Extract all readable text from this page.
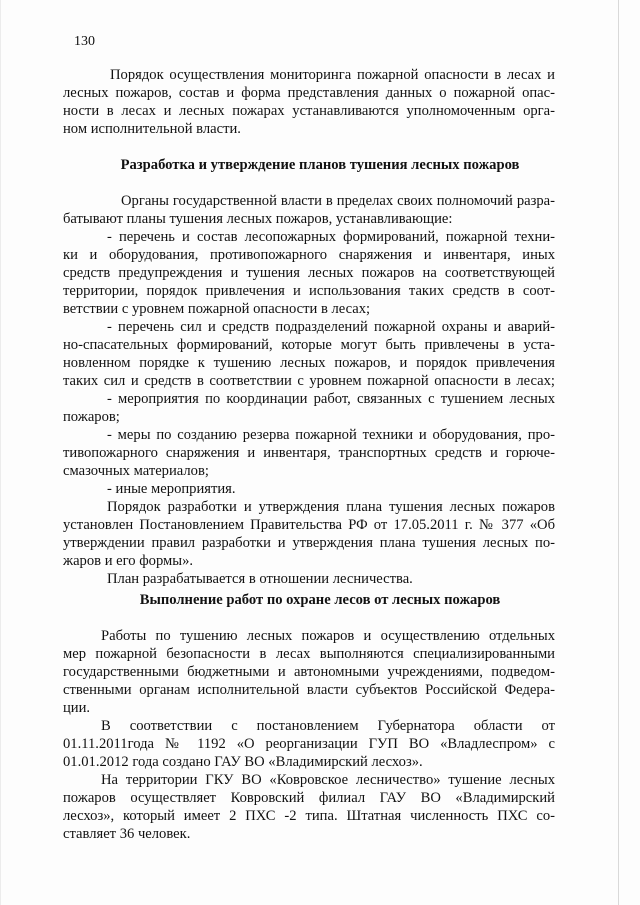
130
Порядок осуществления мониторинга пожарной опасности в лесах и
лесных пожаров, состав и форма представления данных о пожарной опас-
ности в лесах и лесных пожарах устанавливаются уполномоченным орга-
ном исполнительной власти.
Разработка и утверждение планов тушения лесных пожаров
Органы государственной власти в пределах своих полномочий разра-
батывают планы тушения лесных пожаров, устанавливающие:
- перечень и состав лесопожарных формирований, пожарной техни-
ки и оборудования, противопожарного снаряжения и инвентаря, иных
средств предупреждения и тушения лесных пожаров на соответствующей
территории, порядок привлечения и использования таких средств в соот-
ветствии с уровнем пожарной опасности в лесах;
- перечень сил и средств подразделений пожарной охраны и аварий-
но-спасательных формирований, которые могут быть привлечены в уста-
новленном порядке к тушению лесных пожаров, и порядок привлечения
таких сил и средств в соответствии с уровнем пожарной опасности в лесах;
- мероприятия по координации работ, связанных с тушением лесных
пожаров;
- меры по созданию резерва пожарной техники и оборудования, про-
тивопожарного снаряжения и инвентаря, транспортных средств и горюче-
смазочных материалов;
- иные мероприятия.
Порядок разработки и утверждения плана тушения лесных пожаров
установлен Постановлением Правительства РФ от 17.05.2011 г. № 377 «Об
утверждении правил разработки и утверждения плана тушения лесных по-
жаров и его формы».
План разрабатывается в отношении лесничества.
Выполнение работ по охране лесов от лесных пожаров
Работы по тушению лесных пожаров и осуществлению отдельных
мер пожарной безопасности в лесах выполняются специализированными
государственными бюджетными и автономными учреждениями, подведом-
ственными органам исполнительной власти субъектов Российской Федера-
ции.
В соответствии с постановлением Губернатора области от
01.11.2011года № 1192 «О реорганизации ГУП ВО «Владлеспром» с
01.01.2012 года создано ГАУ ВО «Владимирский лесхоз».
На территории ГКУ ВО «Ковровское лесничество» тушение лесных
пожаров осуществляет Ковровский филиал ГАУ ВО «Владимирский
лесхоз», который имеет 2 ПХС -2 типа. Штатная численность ПХС со-
ставляет 36 человек.
